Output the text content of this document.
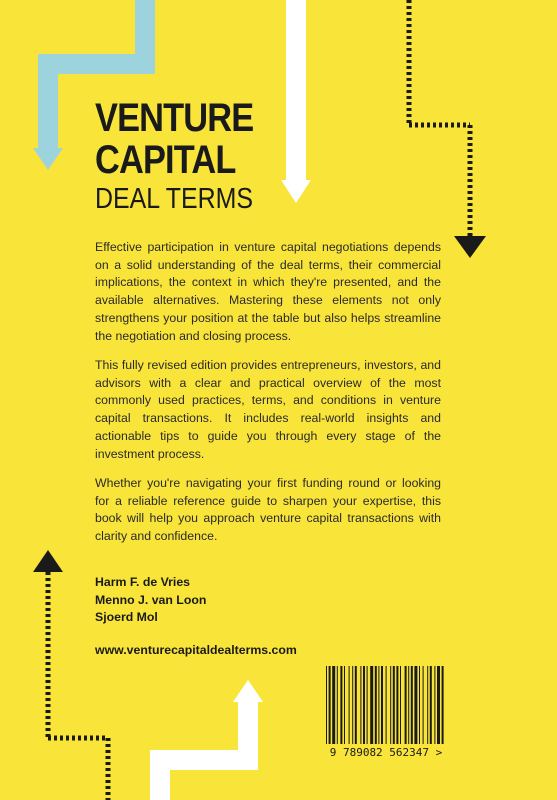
VENTURE
CAPITAL
DEAL TERMS

Effective participation in venture capital negotiations depends on a solid understanding of the deal terms, their commercial implications, the context in which they're presented, and the available alternatives. Mastering these elements not only strengthens your position at the table but also helps streamline the negotiation and closing process.

This fully revised edition provides entrepreneurs, investors, and advisors with a clear and practical overview of the most commonly used practices, terms, and conditions in venture capital transactions. It includes real-world insights and actionable tips to guide you through every stage of the investment process.

Whether you're navigating your first funding round or looking for a reliable reference guide to sharpen your expertise, this book will help you approach venture capital transactions with clarity and confidence.

Harm F. de Vries
Menno J. van Loon
Sjoerd Mol
www.venturecapitaldealterms.com
9 789082 562347 >
